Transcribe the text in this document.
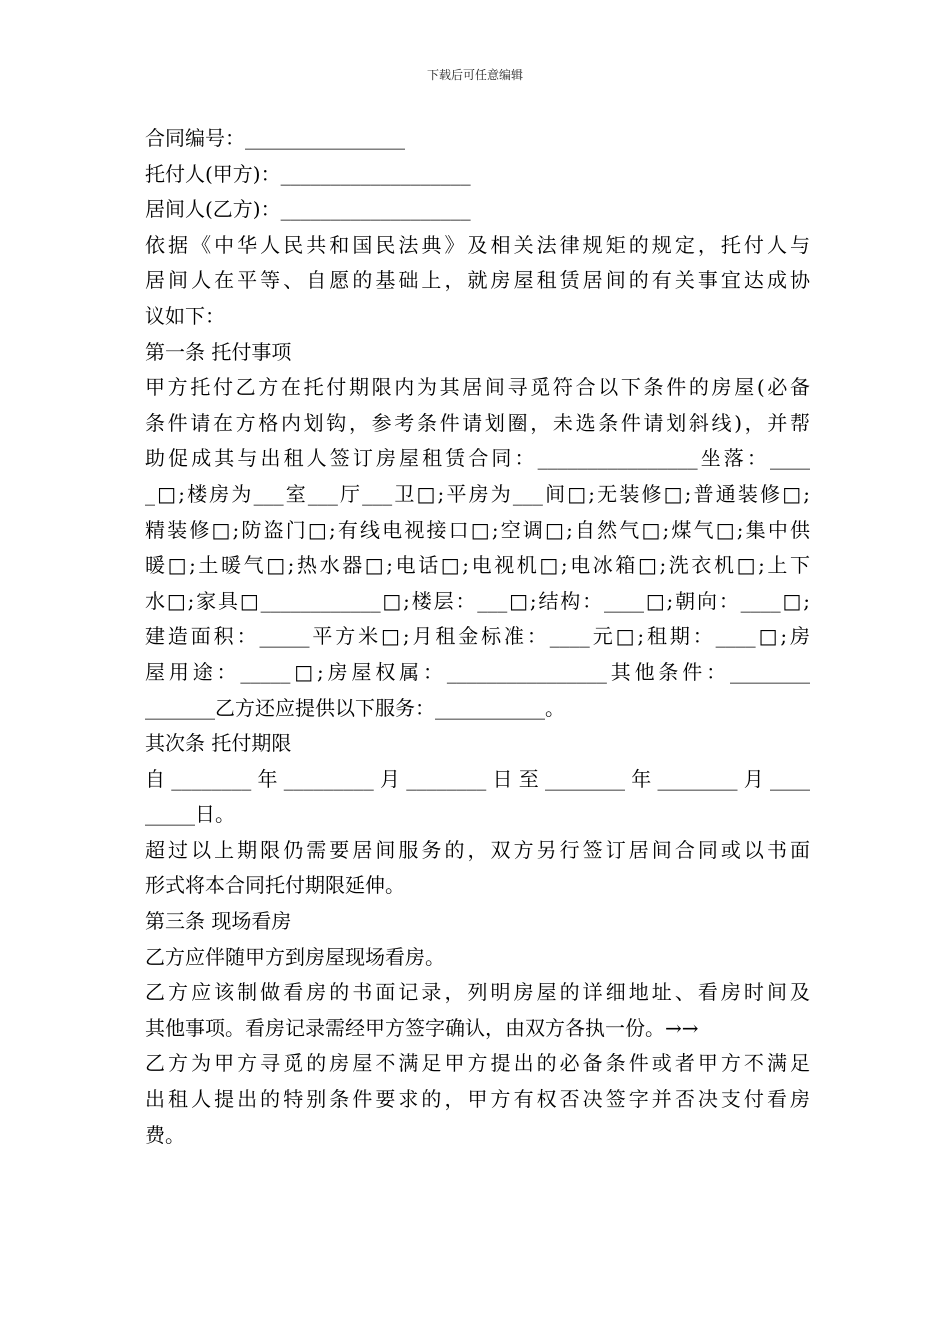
下载后可任意编辑
合同编号：________________
托付人(甲方)：___________________
居间人(乙方)：___________________
依据《中华人民共和国民法典》及相关法律规矩的规定，托付人与
居间人在平等、自愿的基础上，就房屋租赁居间的有关事宜达成协
议如下：
第一条 托付事项
甲方托付乙方在托付期限内为其居间寻觅符合以下条件的房屋(必备
条件请在方格内划钩，参考条件请划圈，未选条件请划斜线)，并帮
助促成其与出租人签订房屋租赁合同：________________坐落：____
_□;楼房为___室___厅___卫□;平房为___间□;无装修□;普通装修□;
精装修□;防盗门□;有线电视接口□;空调□;自然气□;煤气□;集中供
暖□;土暖气□;热水器□;电话□;电视机□;电冰箱□;洗衣机□;上下
水□;家具□____________□;楼层：___□;结构：____□;朝向：____□;
建造面积：_____平方米□;月租金标准：____元□;租期：____□;房
屋用途：_____□;房屋权属：________________其他条件：________
_______乙方还应提供以下服务：___________。
其次条 托付期限
自________年_________月________日至________年________月____
_____日。
超过以上期限仍需要居间服务的，双方另行签订居间合同或以书面
形式将本合同托付期限延伸。
第三条 现场看房
乙方应伴随甲方到房屋现场看房。
乙方应该制做看房的书面记录，列明房屋的详细地址、看房时间及
其他事项。看房记录需经甲方签字确认，由双方各执一份。→→
乙方为甲方寻觅的房屋不满足甲方提出的必备条件或者甲方不满足
出租人提出的特别条件要求的，甲方有权否决签字并否决支付看房
费。
